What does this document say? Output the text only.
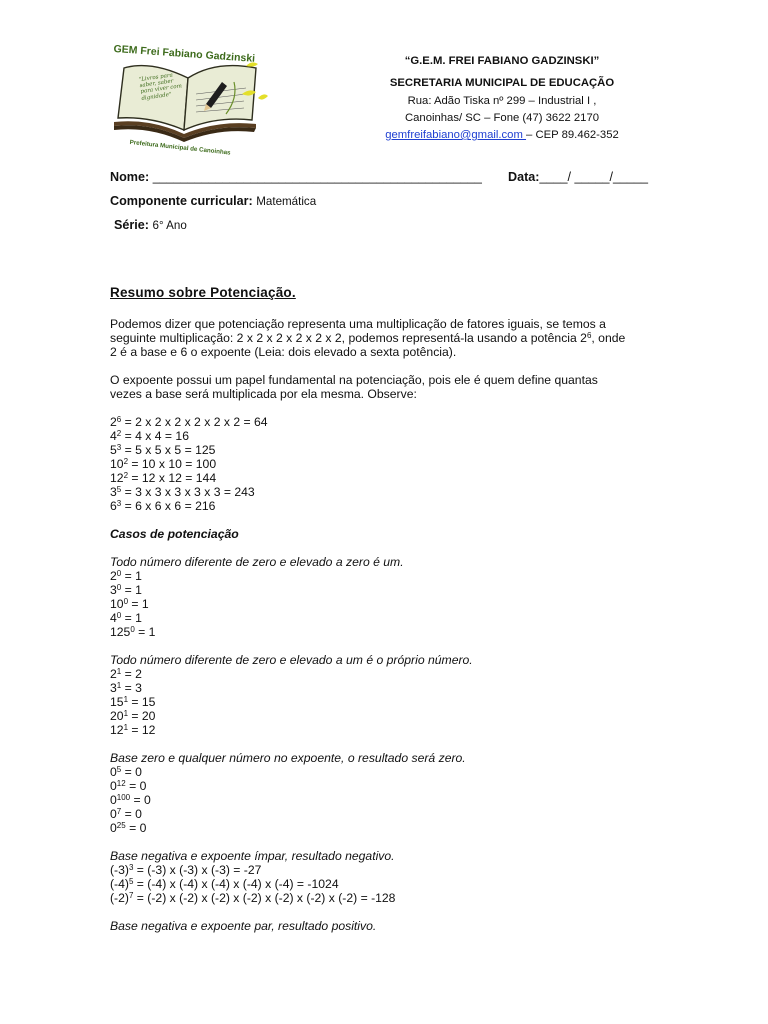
GEM Frei Fabiano Gadzinski
"Livros para saber, saber para viver com dignidade"
Prefeitura Municipal de Canoinhas
“G.E.M. FREI FABIANO GADZINSKI”
SECRETARIA MUNICIPAL DE EDUCAÇÃO
Rua: Adão Tiska nº 299 – Industrial I ,
Canoinhas/ SC – Fone (47) 3622 2170
gemfreifabiano@gmail.com – CEP 89.462-352
Nome: _______________________________________________ Data:____/ _____/_____
Componente curricular: Matemática
Série: 6° Ano
Resumo sobre Potenciação.
Podemos dizer que potenciação representa uma multiplicação de fatores iguais, se temos a
seguinte multiplicação: 2 x 2 x 2 x 2 x 2 x 2, podemos representá-la usando a potência $2^6$, onde
2 é a base e 6 o expoente (Leia: dois elevado a sexta potência).
O expoente possui um papel fundamental na potenciação, pois ele é quem define quantas
vezes a base será multiplicada por ela mesma. Observe:
$2^6 = 2$ x 2 x 2 x 2 x 2 x 2 = 64
$4^2 = 4$ x 4 = 16
$5^3 = 5$ x 5 x 5 = 125
$10^2 = 10$ x 10 = 100
$12^2 = 12$ x 12 = 144
$3^5 = 3$ x 3 x 3 x 3 x 3 = 243
$6^3 = 6$ x 6 x 6 = 216
Casos de potenciação
Todo número diferente de zero e elevado a zero é um.
$2^0 = 1$
$3^0 = 1$
$10^0 = 1$
$4^0 = 1$
$125^0 = 1$
Todo número diferente de zero e elevado a um é o próprio número.
$2^1 = 2$
$3^1 = 3$
$15^1 = 15$
$20^1 = 20$
$12^1 = 12$
Base zero e qualquer número no expoente, o resultado será zero.
$0^5 = 0$
$0^{12} = 0$
$0^{100} = 0$
$0^7 = 0$
$0^{25} = 0$
Base negativa e expoente ímpar, resultado negativo.
$(-3)^3 = (-3)$ x (-3) x (-3) = -27
$(-4)^5 = (-4)$ x (-4) x (-4) x (-4) x (-4) = -1024
$(-2)^7 = (-2)$ x (-2) x (-2) x (-2) x (-2) x (-2) x (-2) = -128
Base negativa e expoente par, resultado positivo.
